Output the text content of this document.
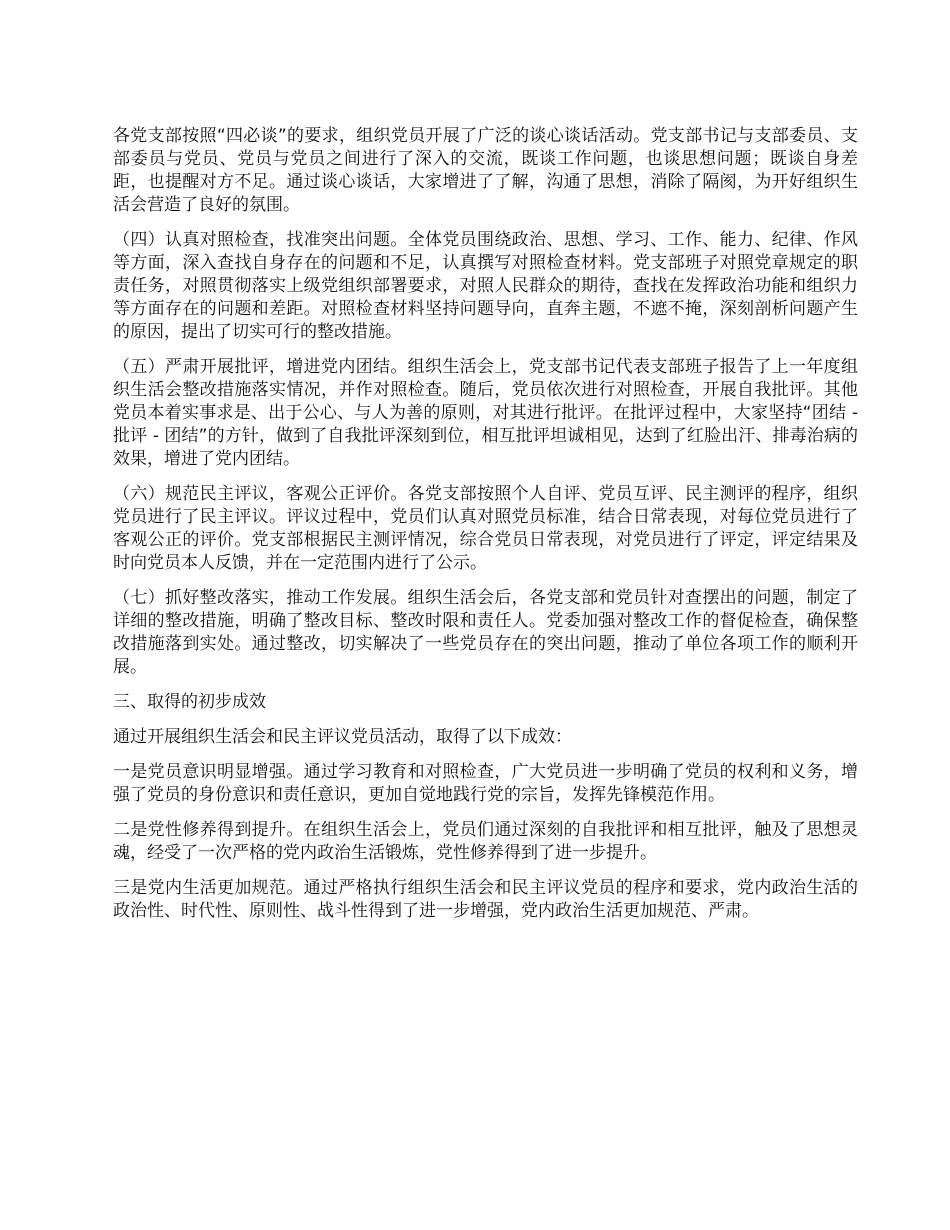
各党支部按照“四必谈”的要求，组织党员开展了广泛的谈心谈话活动。党支部书记与支部委员、支部委员与党员、党员与党员之间进行了深入的交流，既谈工作问题，也谈思想问题；既谈自身差距，也提醒对方不足。通过谈心谈话，大家增进了了解，沟通了思想，消除了隔阂，为开好组织生活会营造了良好的氛围。

（四）认真对照检查，找准突出问题。全体党员围绕政治、思想、学习、工作、能力、纪律、作风等方面，深入查找自身存在的问题和不足，认真撰写对照检查材料。党支部班子对照党章规定的职责任务，对照贯彻落实上级党组织部署要求，对照人民群众的期待，查找在发挥政治功能和组织力等方面存在的问题和差距。对照检查材料坚持问题导向，直奔主题，不遮不掩，深刻剖析问题产生的原因，提出了切实可行的整改措施。

（五）严肃开展批评，增进党内团结。组织生活会上，党支部书记代表支部班子报告了上一年度组织生活会整改措施落实情况，并作对照检查。随后，党员依次进行对照检查，开展自我批评。其他党员本着实事求是、出于公心、与人为善的原则，对其进行批评。在批评过程中，大家坚持“团结 - 批评 - 团结”的方针，做到了自我批评深刻到位，相互批评坦诚相见，达到了红脸出汗、排毒治病的效果，增进了党内团结。

（六）规范民主评议，客观公正评价。各党支部按照个人自评、党员互评、民主测评的程序，组织党员进行了民主评议。评议过程中，党员们认真对照党员标准，结合日常表现，对每位党员进行了客观公正的评价。党支部根据民主测评情况，综合党员日常表现，对党员进行了评定，评定结果及时向党员本人反馈，并在一定范围内进行了公示。

（七）抓好整改落实，推动工作发展。组织生活会后，各党支部和党员针对查摆出的问题，制定了详细的整改措施，明确了整改目标、整改时限和责任人。党委加强对整改工作的督促检查，确保整改措施落到实处。通过整改，切实解决了一些党员存在的突出问题，推动了单位各项工作的顺利开展。

三、取得的初步成效

通过开展组织生活会和民主评议党员活动，取得了以下成效：

一是党员意识明显增强。通过学习教育和对照检查，广大党员进一步明确了党员的权利和义务，增强了党员的身份意识和责任意识，更加自觉地践行党的宗旨，发挥先锋模范作用。

二是党性修养得到提升。在组织生活会上，党员们通过深刻的自我批评和相互批评，触及了思想灵魂，经受了一次严格的党内政治生活锻炼，党性修养得到了进一步提升。

三是党内生活更加规范。通过严格执行组织生活会和民主评议党员的程序和要求，党内政治生活的政治性、时代性、原则性、战斗性得到了进一步增强，党内政治生活更加规范、严肃。
